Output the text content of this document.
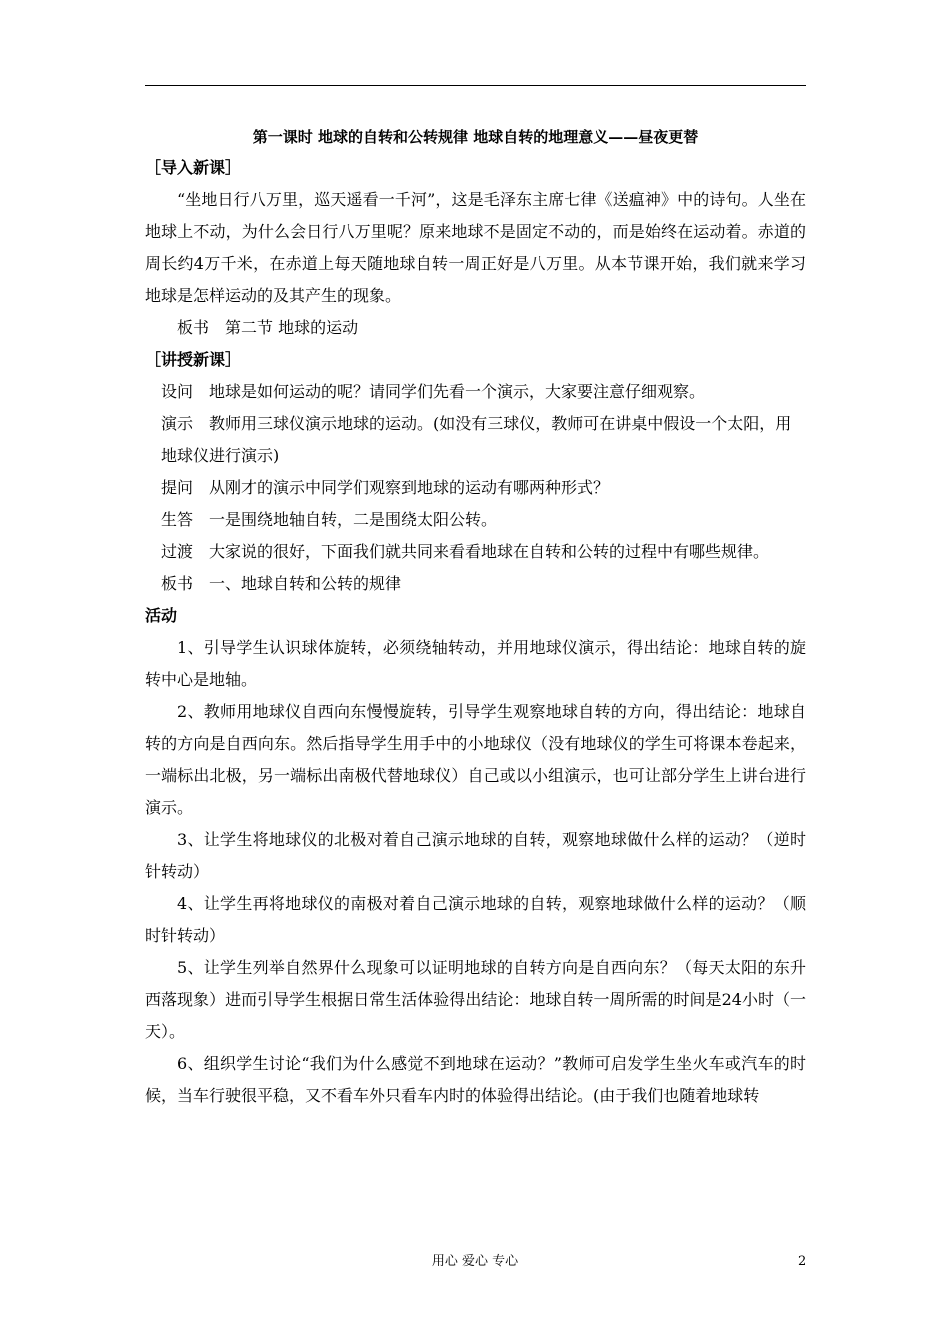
第一课时 地球的自转和公转规律 地球自转的地理意义——昼夜更替
［导入新课］
“坐地日行八万里，巡天遥看一千河”，这是毛泽东主席七律《送瘟神》中的诗句。人坐在地球上不动，为什么会日行八万里呢？原来地球不是固定不动的，而是始终在运动着。赤道的周长约4万千米，在赤道上每天随地球自转一周正好是八万里。从本节课开始，我们就来学习地球是怎样运动的及其产生的现象。
板书 第二节 地球的运动
［讲授新课］
设问 地球是如何运动的呢？请同学们先看一个演示，大家要注意仔细观察。
演示 教师用三球仪演示地球的运动。(如没有三球仪，教师可在讲桌中假设一个太阳，用地球仪进行演示)
提问 从刚才的演示中同学们观察到地球的运动有哪两种形式？
生答 一是围绕地轴自转，二是围绕太阳公转。
过渡 大家说的很好，下面我们就共同来看看地球在自转和公转的过程中有哪些规律。
板书 一、地球自转和公转的规律
活动
1、引导学生认识球体旋转，必须绕轴转动，并用地球仪演示，得出结论：地球自转的旋转中心是地轴。
2、教师用地球仪自西向东慢慢旋转，引导学生观察地球自转的方向，得出结论：地球自转的方向是自西向东。然后指导学生用手中的小地球仪（没有地球仪的学生可将课本卷起来，一端标出北极，另一端标出南极代替地球仪）自己或以小组演示，也可让部分学生上讲台进行演示。
3、让学生将地球仪的北极对着自己演示地球的自转，观察地球做什么样的运动？（逆时针转动）
4、让学生再将地球仪的南极对着自己演示地球的自转，观察地球做什么样的运动？（顺时针转动）
5、让学生列举自然界什么现象可以证明地球的自转方向是自西向东？（每天太阳的东升西落现象）进而引导学生根据日常生活体验得出结论：地球自转一周所需的时间是24小时（一天）。
6、组织学生讨论“我们为什么感觉不到地球在运动？”教师可启发学生坐火车或汽车的时候，当车行驶很平稳，又不看车外只看车内时的体验得出结论。(由于我们也随着地球转
用心 爱心 专心	2
